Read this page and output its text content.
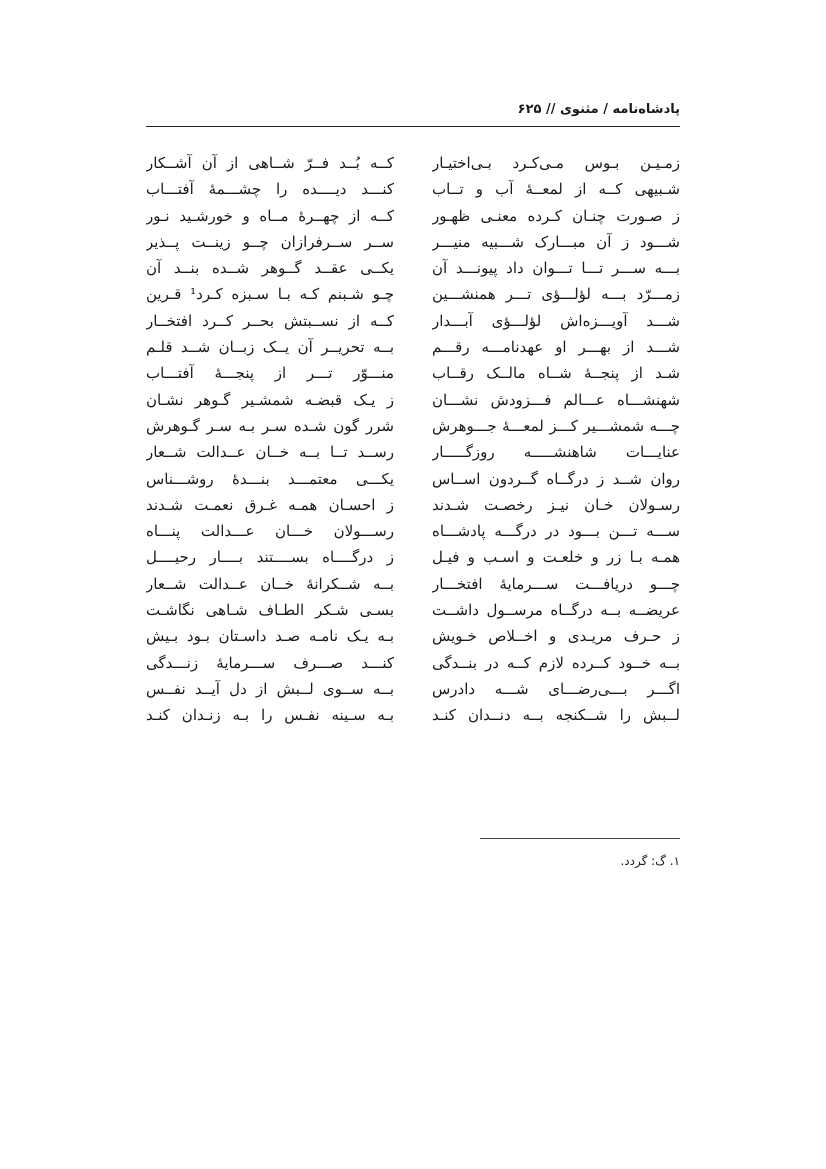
پادشاه‌نامه / مثنوی // ۶۲۵
زمـیـن بـوس مـی‌کـرد بـی‌اختیـار
کــه بُــد فــرّ شــاهی از آن آشــکار
شـبیهی کــه از لمعــهٔ آب و تــاب
کنـــد دیــــده را چشـــمهٔ آفتـــاب
ز صـورت چنـان کـرده معنـی ظهـور
کــه از چهــرهٔ مــاه و خورشـید نـور
شـــود ز آن مبـــارک شـــبیه منیـــر
ســر ســرفرازان چــو زینــت پــذیر
بـــه ســـر تـــا تـــوان داد پیونـــد آن
یکــی عقــد گــوهر شــده بنــد آن
زمـــرّد بـــه لؤلـــؤی تـــر همنشـــین
چـو شـبنم کـه بـا سـبزه کـرد¹ قـرین
شـــد آویـــزه‌اش لؤلـــؤی آبـــدار
کــه از نســبتش بحــر کــرد افتخــار
شـــد از بهـــر او عهدنامـــه رقـــم
بــه تحریــر آن یــک زبــان شــد قلـم
شـد از پنجــهٔ شــاه مالــک رقــاب
منـــوّر تـــر از پنجـــهٔ آفتـــاب
شهنشـــاه عـــالم فـــزودش نشـــان
ز یـک قبضـه شمشـیر گـوهر نشـان
چـــه شمشـــیر کـــز لمعـــهٔ جـــوهرش
شرر گون شـده سـر بـه سـر گـوهرش
عنایـــات شاهنشـــــه روزگـــــار
رســد تــا بــه خــان عــدالت شــعار
روان شــد ز درگــاه گــردون اســاس
یکـــی معتمـــد بنـــدهٔ روشـــناس
رسـولان خـان نیـز رخصـت شـدند
ز احسـان همـه غـرق نعمـت شـدند
ســـه تـــن بـــود در درگـــه پادشـــاه
رســـولان خـــان عـــدالت پنـــاه
همـه بـا زر و خلعـت و اسـب و فیـل
ز درگــــاه بســــتند بــــار رحیــــل
چـــو دریافـــت ســـرمایهٔ افتخـــار
بــه شــکرانهٔ خــان عــدالت شــعار
عریضــه بــه درگــاه مرســول داشــت
بسـی شـکر الطـاف شـاهی نگاشـت
ز حـرف مریـدی و اخــلاص خـویش
بـه یـک نامـه صـد داسـتان بـود بـیش
بــه خــود کــرده لازم کــه در بنــدگی
کنـــد صـــرف ســـرمایهٔ زنـــدگی
اگـــر بـــی‌رضـــای شـــه دادرس
بــه ســوی لــبش از دل آیــد نفــس
لــبش را شــکنجه بــه دنــدان کنـد
بـه سـینه نفـس را بـه زنـدان کنـد
۱. گ: گردد.
